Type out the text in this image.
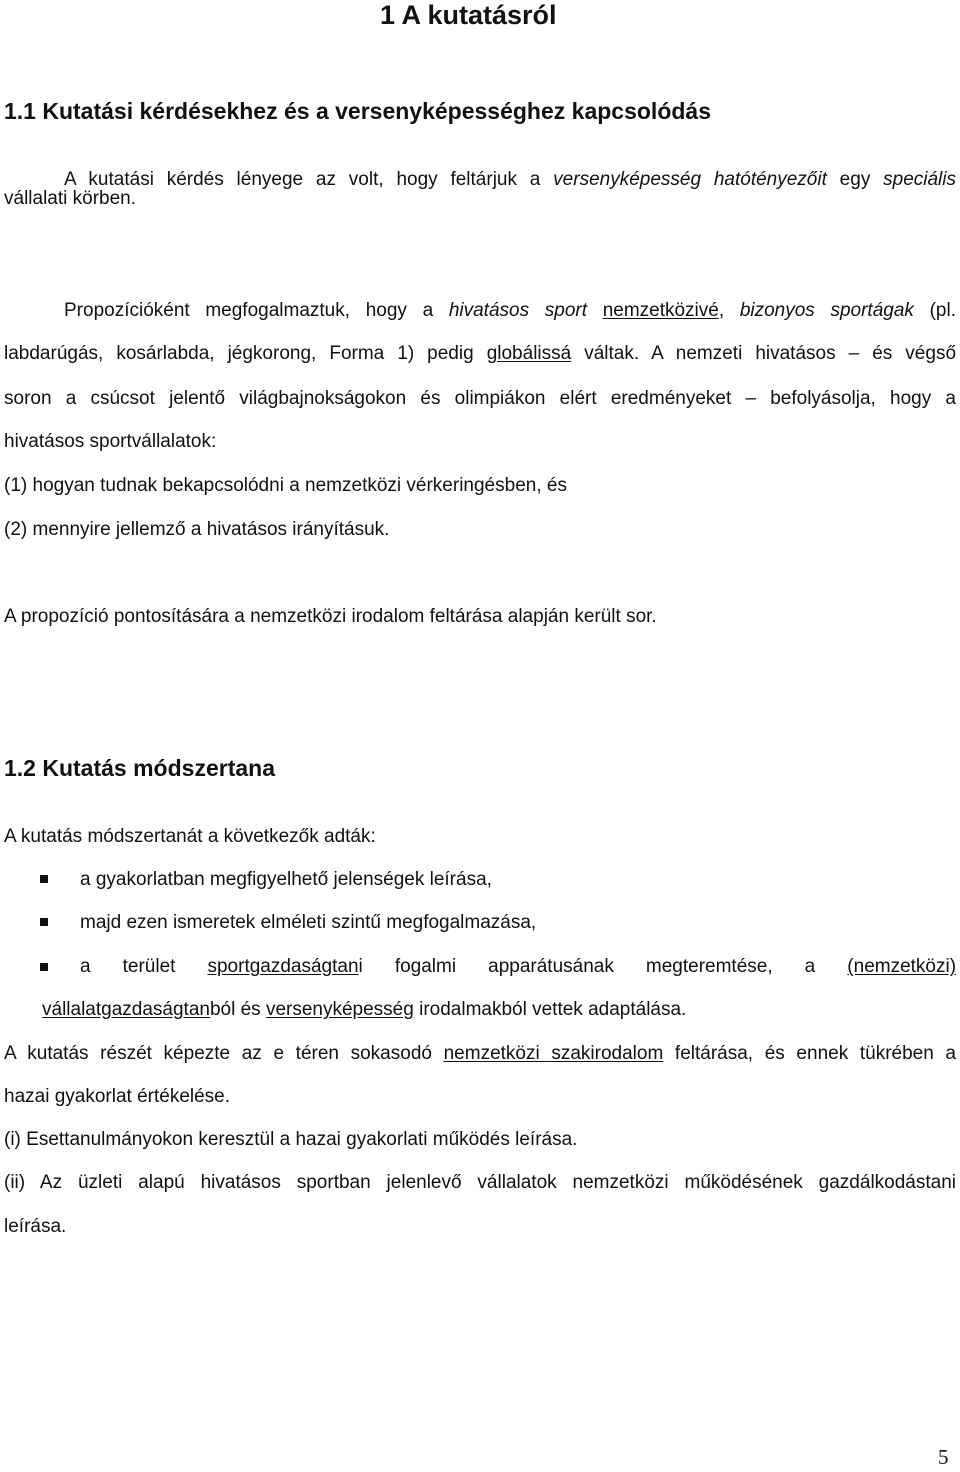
1 A kutatásról
1.1 Kutatási kérdésekhez és a versenyképességhez kapcsolódás
A kutatási kérdés lényege az volt, hogy feltárjuk a versenyképesség hatótényezőit egy speciális
vállalati körben.
Propozícióként megfogalmaztuk, hogy a hivatásos sport nemzetközivé, bizonyos sportágak (pl.
labdarúgás, kosárlabda, jégkorong, Forma 1) pedig globálissá váltak. A nemzeti hivatásos – és végső
soron a csúcsot jelentő világbajnokságokon és olimpiákon elért eredményeket – befolyásolja, hogy a
hivatásos sportvállalatok:
(1) hogyan tudnak bekapcsolódni a nemzetközi vérkeringésben, és
(2) mennyire jellemző a hivatásos irányításuk.
A propozíció pontosítására a nemzetközi irodalom feltárása alapján került sor.
1.2 Kutatás módszertana
A kutatás módszertanát a következők adták:
a gyakorlatban megfigyelhető jelenségek leírása,
majd ezen ismeretek elméleti szintű megfogalmazása,
a terület sportgazdaságtani fogalmi apparátusának megteremtése, a (nemzetközi)
vállalatgazdaságtanból és versenyképesség irodalmakból vettek adaptálása.
A kutatás részét képezte az e téren sokasodó nemzetközi szakirodalom feltárása, és ennek tükrében a
hazai gyakorlat értékelése.
(i) Esettanulmányokon keresztül a hazai gyakorlati működés leírása.
(ii) Az üzleti alapú hivatásos sportban jelenlevő vállalatok nemzetközi működésének gazdálkodástani
leírása.
5
